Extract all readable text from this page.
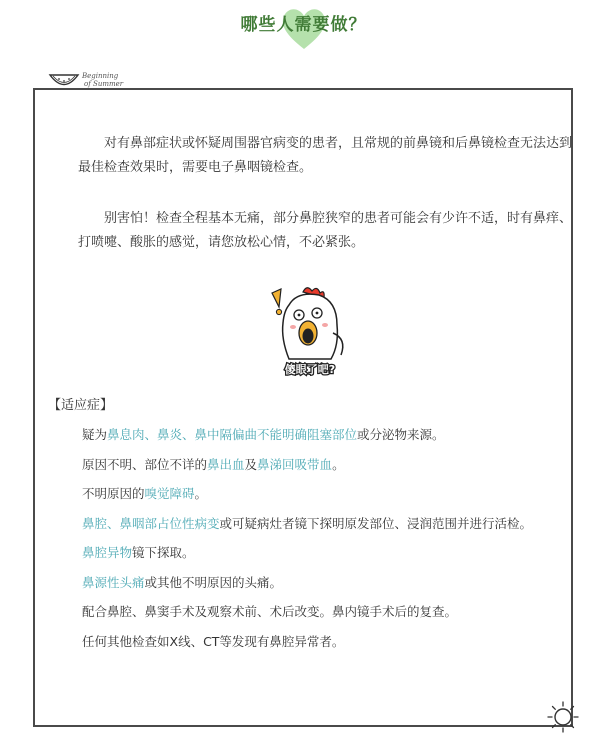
哪些人需要做？
Beginning
of Summer

对有鼻部症状或怀疑周围器官病变的患者，且常规的前鼻镜和后鼻镜检查无法达到最佳检查效果时，需要电子鼻咽镜检查。

别害怕！检查全程基本无痛，部分鼻腔狭窄的患者可能会有少许不适，时有鼻痒、打喷嚏、酸胀的感觉，请您放松心情，不必紧张。

傻眼了吧?
【适应症】
疑为鼻息肉、鼻炎、鼻中隔偏曲不能明确阻塞部位或分泌物来源。
原因不明、部位不详的鼻出血及鼻涕回吸带血。
不明原因的嗅觉障碍。
鼻腔、鼻咽部占位性病变或可疑病灶者镜下探明原发部位、浸润范围并进行活检。
鼻腔异物镜下探取。
鼻源性头痛或其他不明原因的头痛。
配合鼻腔、鼻窦手术及观察术前、术后改变。鼻内镜手术后的复查。
任何其他检查如X线、CT等发现有鼻腔异常者。
